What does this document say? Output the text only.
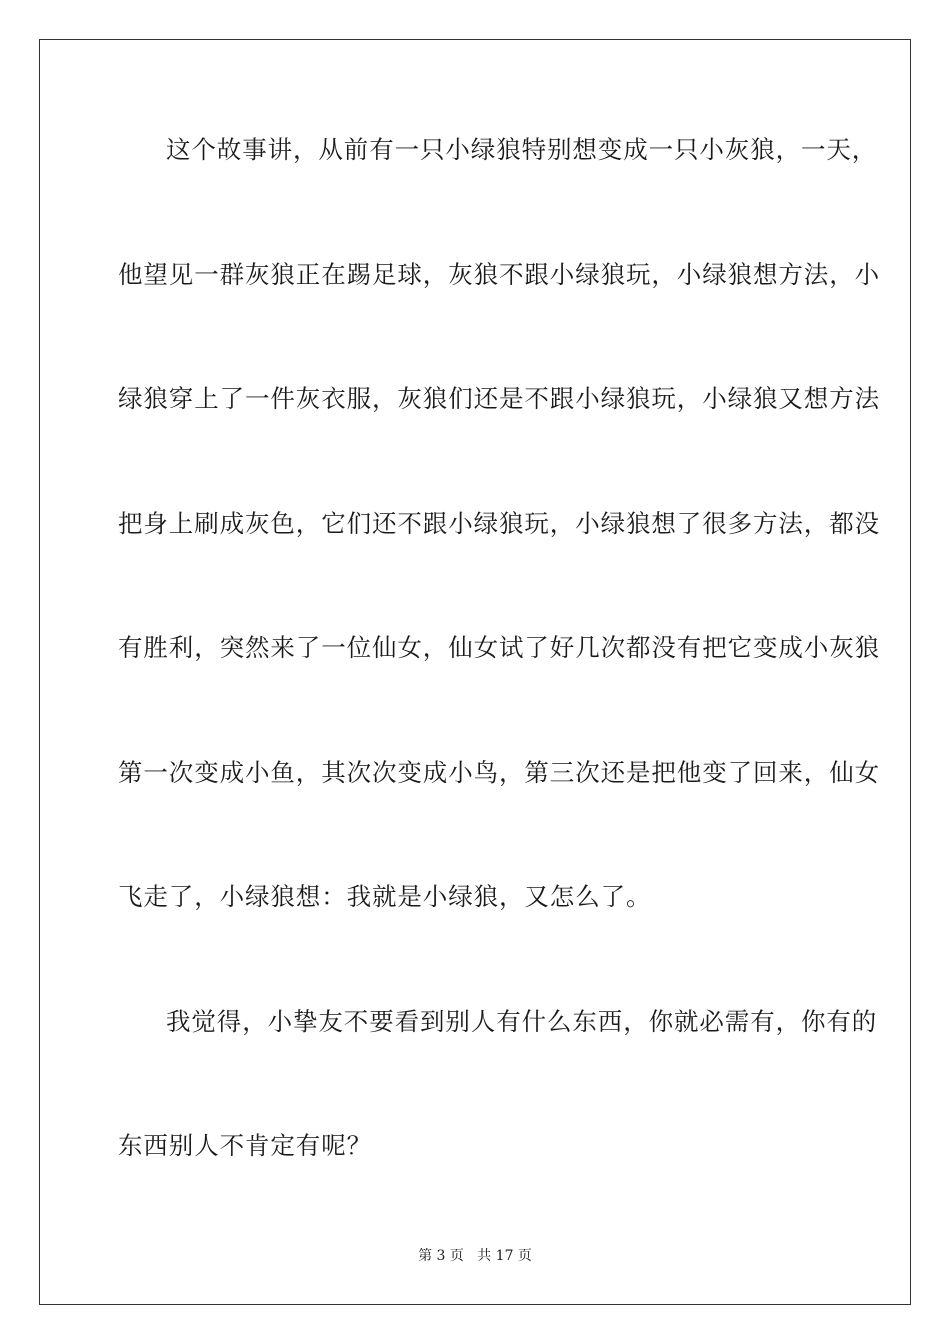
这个故事讲，从前有一只小绿狼特别想变成一只小灰狼，一天，
他望见一群灰狼正在踢足球，灰狼不跟小绿狼玩，小绿狼想方法，小
绿狼穿上了一件灰衣服，灰狼们还是不跟小绿狼玩，小绿狼又想方法
把身上刷成灰色，它们还不跟小绿狼玩，小绿狼想了很多方法，都没
有胜利，突然来了一位仙女，仙女试了好几次都没有把它变成小灰狼
第一次变成小鱼，其次次变成小鸟，第三次还是把他变了回来，仙女
飞走了，小绿狼想：我就是小绿狼，又怎么了。
我觉得，小挚友不要看到别人有什么东西，你就必需有，你有的
东西别人不肯定有呢？
第 3 页   共 17 页
